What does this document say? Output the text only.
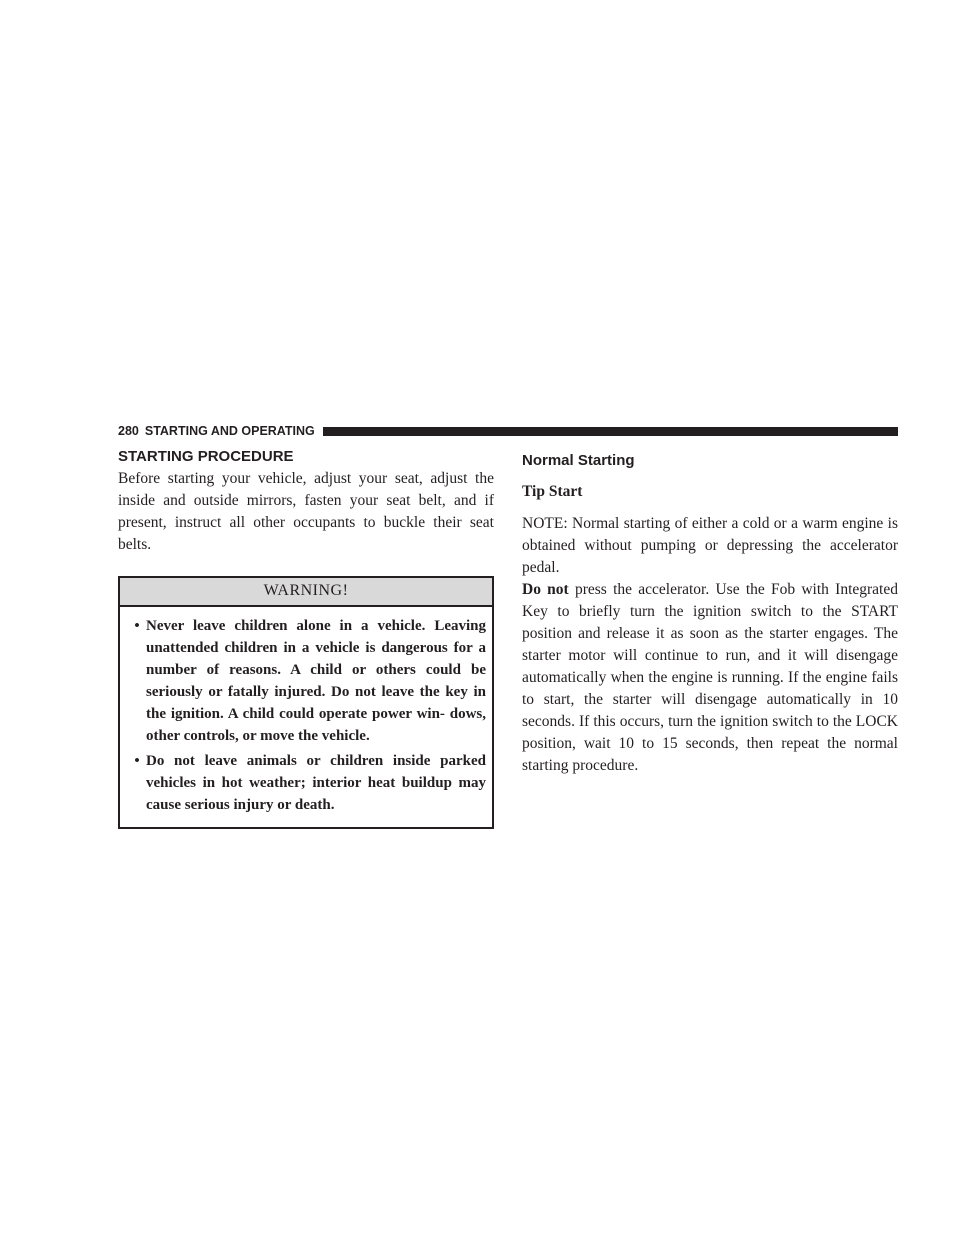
280 STARTING AND OPERATING
STARTING PROCEDURE

Before starting your vehicle, adjust your seat, adjust the inside and outside mirrors, fasten your seat belt, and if present, instruct all other occupants to buckle their seat belts.

WARNING!
• Never leave children alone in a vehicle. Leaving unattended children in a vehicle is dangerous for a number of reasons. A child or others could be seriously or fatally injured. Do not leave the key in the ignition. A child could operate power win- dows, other controls, or move the vehicle.
• Do not leave animals or children inside parked vehicles in hot weather; interior heat buildup may cause serious injury or death.
Normal Starting
Tip Start

NOTE: Normal starting of either a cold or a warm engine is obtained without pumping or depressing the accelerator pedal.

Do not press the accelerator. Use the Fob with Integrated Key to briefly turn the ignition switch to the START position and release it as soon as the starter engages. The starter motor will continue to run, and it will disengage automatically when the engine is running. If the engine fails to start, the starter will disengage automatically in 10 seconds. If this occurs, turn the ignition switch to the LOCK position, wait 10 to 15 seconds, then repeat the normal starting procedure.
